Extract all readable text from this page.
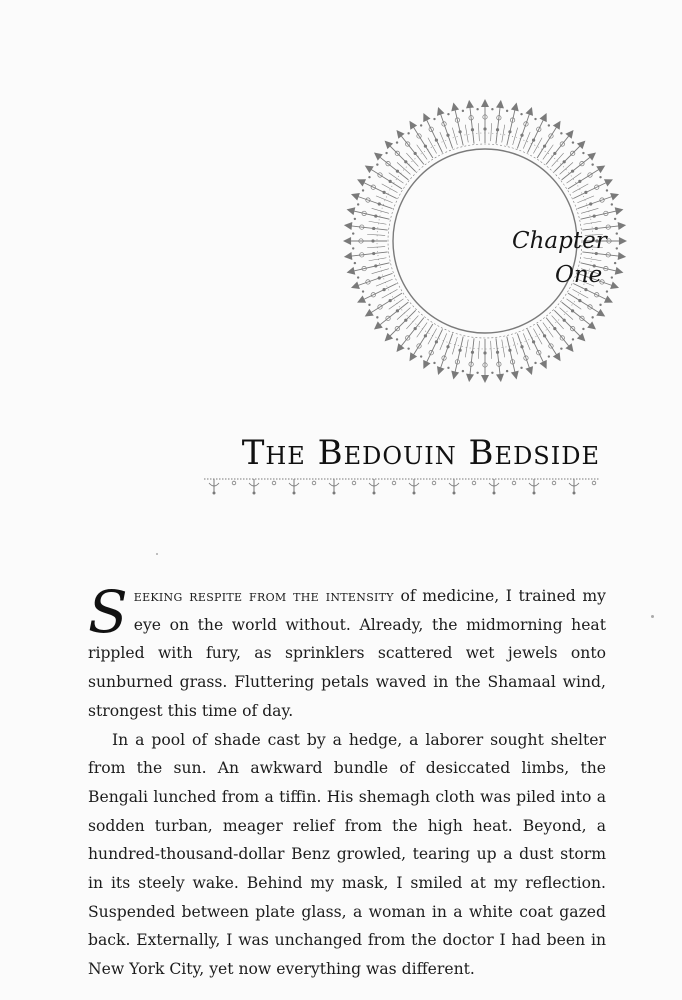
Chapter
One
The Bedouin Bedside

Seeking respite from the intensity of medicine, I trained my eye on the world without. Already, the midmorning heat rippled with fury, as sprinklers scattered wet jewels onto sunburned grass. Fluttering petals waved in the Shamaal wind, strongest this time of day.

In a pool of shade cast by a hedge, a laborer sought shelter from the sun. An awkward bundle of desiccated limbs, the Bengali lunched from a tiffin. His shemagh cloth was piled into a sodden turban, meager relief from the high heat. Beyond, a hundred-thousand-dollar Benz growled, tearing up a dust storm in its steely wake. Behind my mask, I smiled at my reflection. Suspended between plate glass, a woman in a white coat gazed back. Externally, I was unchanged from the doctor I had been in New York City, yet now everything was different.
